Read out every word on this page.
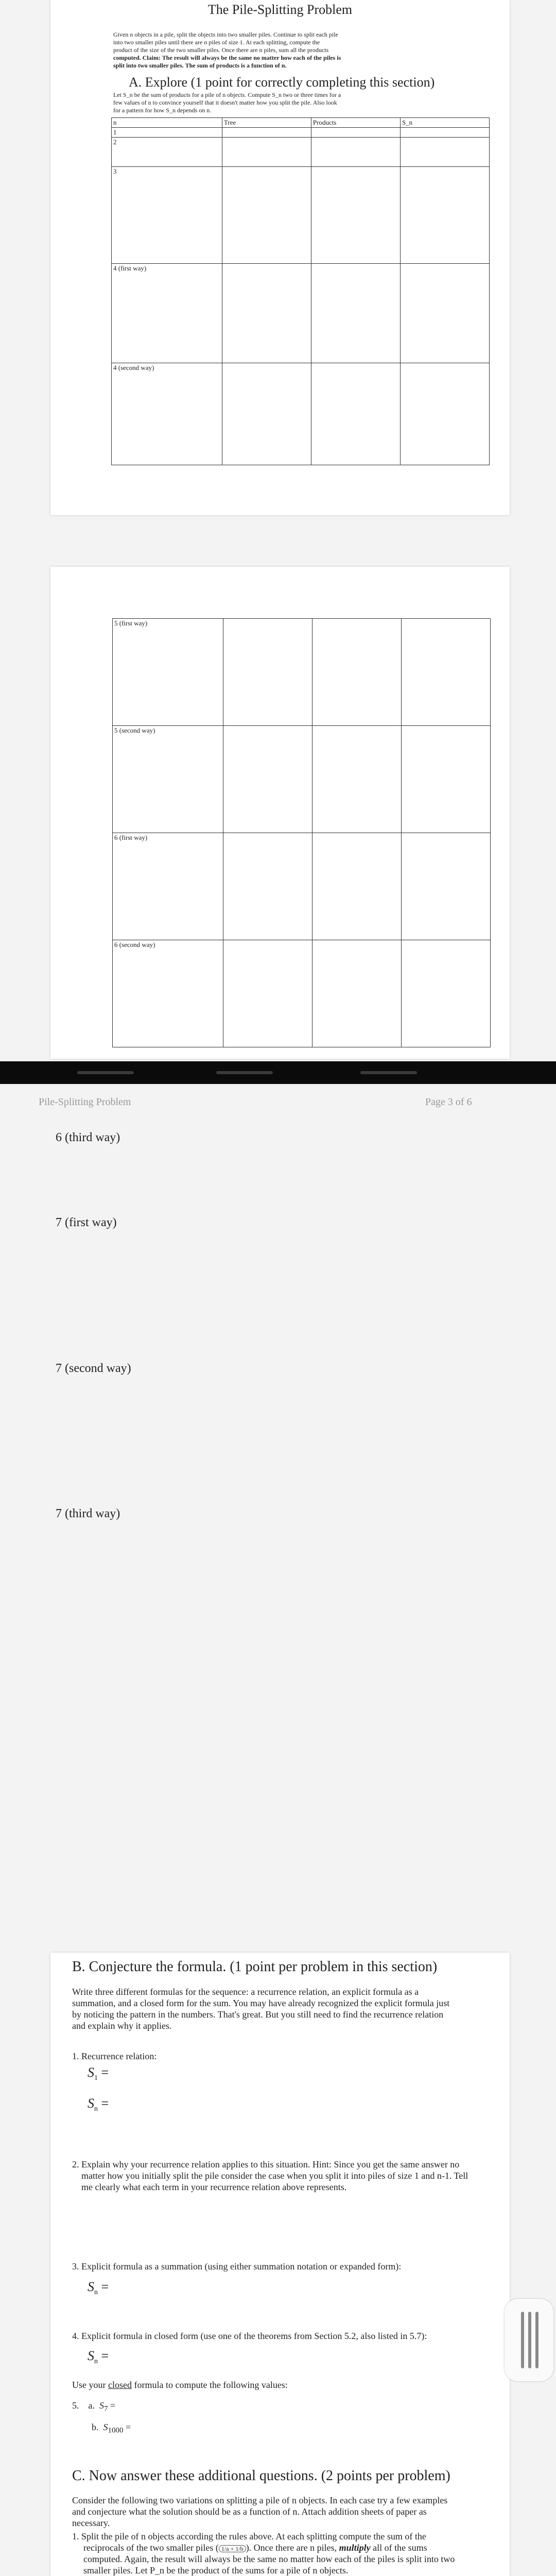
The Pile-Splitting Problem
Given n objects in a pile, split the objects into two smaller piles. Continue to split each pile
into two smaller piles until there are n piles of size 1. At each splitting, compute the
product of the size of the two smaller piles. Once there are n piles, sum all the products
computed. Claim: The result will always be the same no matter how each of the piles is
split into two smaller piles. The sum of products is a function of n.
A. Explore (1 point for correctly completing this section)
Let S_n be the sum of products for a pile of n objects. Compute S_n two or three times for a
few values of n to convince yourself that it doesn't matter how you split the pile. Also look
for a pattern for how S_n depends on n.
n	Tree	Products	S_n
1			
2			
3			
4 (first way)			
4 (second way)			
5 (first way)			
5 (second way)			
6 (first way)			
6 (second way)			
Pile-Splitting Problem	Page 3 of 6
6 (third way)
7 (first way)
7 (second way)
7 (third way)
B. Conjecture the formula. (1 point per problem in this section)
Write three different formulas for the sequence: a recurrence relation, an explicit formula as a
summation, and a closed form for the sum. You may have already recognized the explicit formula just
by noticing the pattern in the numbers. That's great. But you still need to find the recurrence relation
and explain why it applies.
1. Recurrence relation:
$S_1$ =
$S_n$ =
2. Explain why your recurrence relation applies to this situation. Hint: Since you get the same answer no
matter how you initially split the pile consider the case when you split it into piles of size 1 and n-1. Tell
me clearly what each term in your recurrence relation above represents.
3. Explicit formula as a summation (using either summation notation or expanded form):
$S_n$ =
4. Explicit formula in closed form (use one of the theorems from Section 5.2, also listed in 5.7):
$S_n$ =
Use your closed formula to compute the following values:
5. a. $S_7$ =
b. $S_{1000}$ =
C. Now answer these additional questions. (2 points per problem)
Consider the following two variations on splitting a pile of n objects. In each case try a few examples
and conjecture what the solution should be as a function of n. Attach addition sheets of paper as
necessary.
1. Split the pile of n objects according the rules above. At each splitting compute the sum of the
reciprocals of the two smaller piles ( 1/a + 1/b ). Once there are n piles, multiply all of the sums
computed. Again, the result will always be the same no matter how each of the piles is split into two
smaller piles. Let P_n be the product of the sums for a pile of n objects.
